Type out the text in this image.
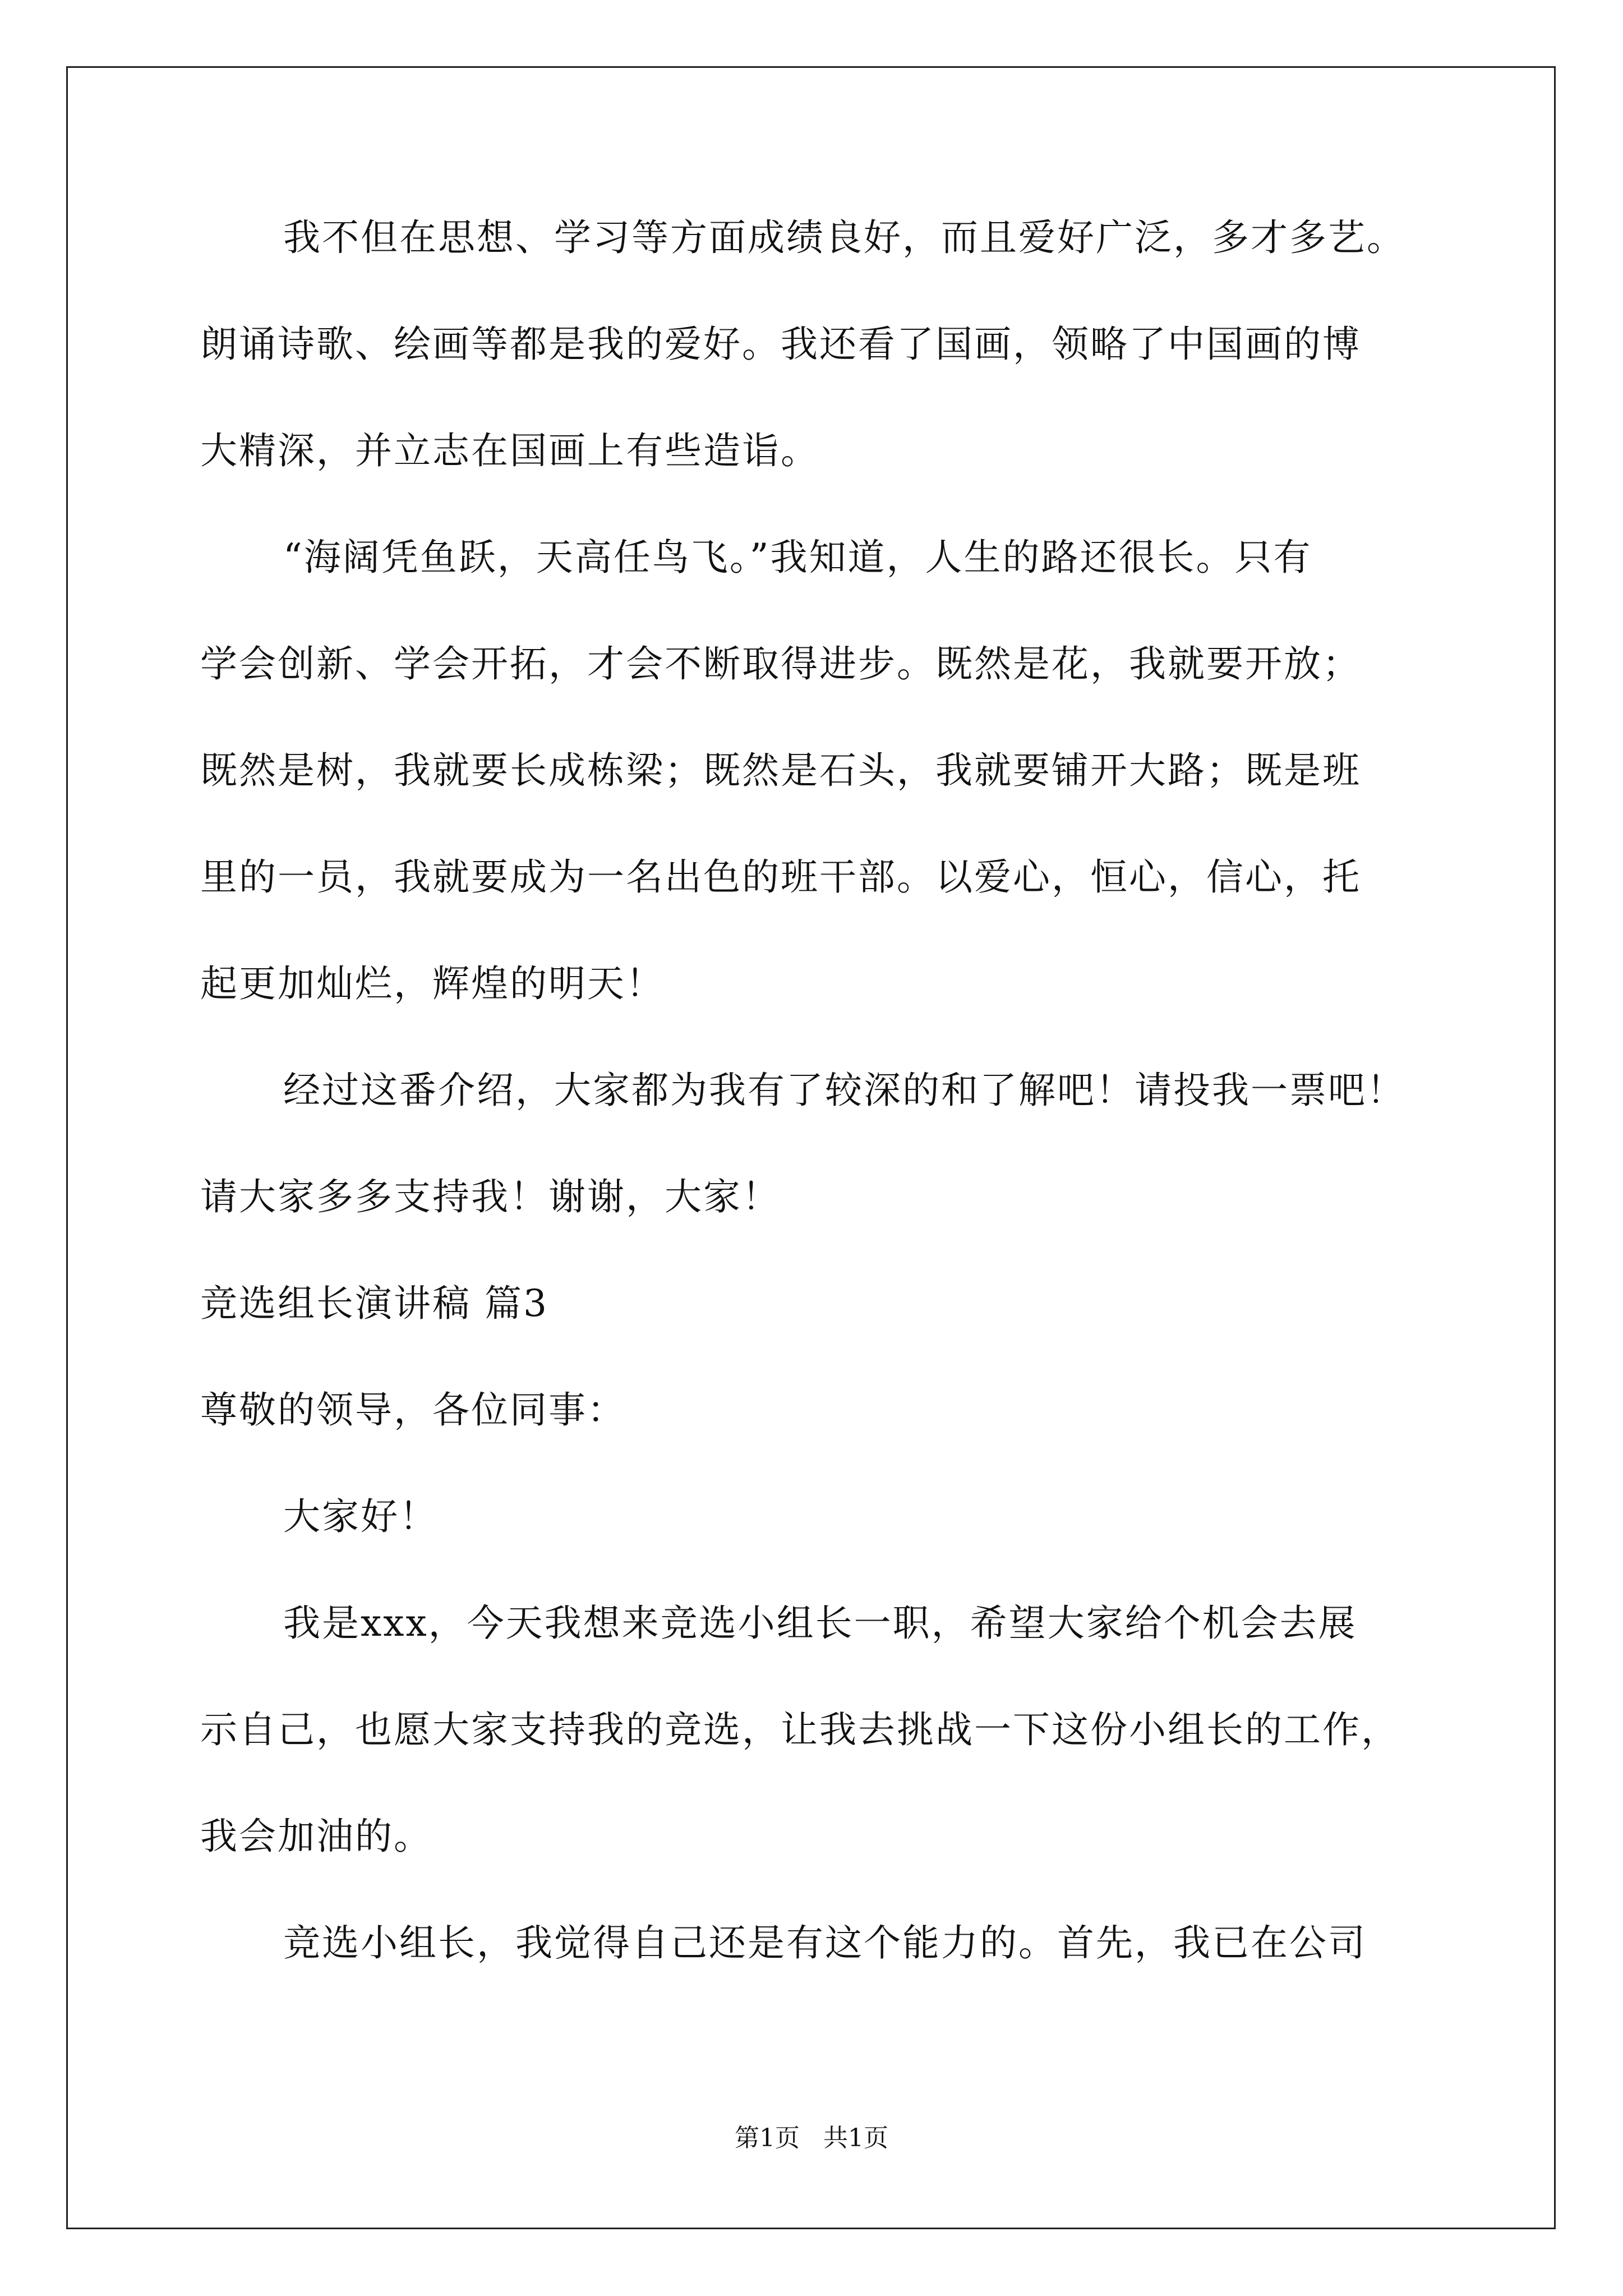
我不但在思想、学习等方面成绩良好，而且爱好广泛，多才多艺。
朗诵诗歌、绘画等都是我的爱好。我还看了国画，领略了中国画的博
大精深，并立志在国画上有些造诣。
“海阔凭鱼跃，天高任鸟飞。”我知道，人生的路还很长。只有
学会创新、学会开拓，才会不断取得进步。既然是花，我就要开放；
既然是树，我就要长成栋梁；既然是石头，我就要铺开大路；既是班
里的一员，我就要成为一名出色的班干部。以爱心，恒心，信心，托
起更加灿烂，辉煌的明天！
经过这番介绍，大家都为我有了较深的和了解吧！请投我一票吧！
请大家多多支持我！谢谢，大家！
竞选组长演讲稿 篇3
尊敬的领导，各位同事：
大家好！
我是xxx，今天我想来竞选小组长一职，希望大家给个机会去展
示自己，也愿大家支持我的竞选，让我去挑战一下这份小组长的工作，
我会加油的。
竞选小组长，我觉得自己还是有这个能力的。首先，我已在公司
第1页   共1页
